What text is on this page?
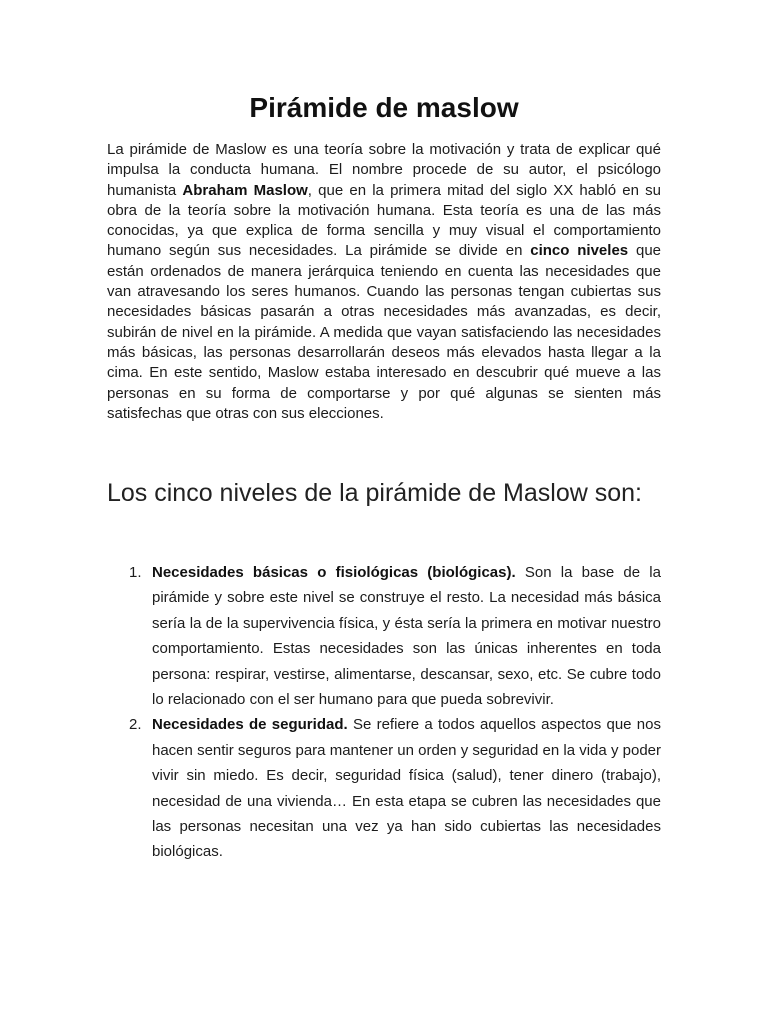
Pirámide de maslow

La pirámide de Maslow es una teoría sobre la motivación y trata de explicar qué impulsa la conducta humana. El nombre procede de su autor, el psicólogo humanista Abraham Maslow, que en la primera mitad del siglo XX habló en su obra de la teoría sobre la motivación humana. Esta teoría es una de las más conocidas, ya que explica de forma sencilla y muy visual el comportamiento humano según sus necesidades. La pirámide se divide en cinco niveles que están ordenados de manera jerárquica teniendo en cuenta las necesidades que van atravesando los seres humanos. Cuando las personas tengan cubiertas sus necesidades básicas pasarán a otras necesidades más avanzadas, es decir, subirán de nivel en la pirámide. A medida que vayan satisfaciendo las necesidades más básicas, las personas desarrollarán deseos más elevados hasta llegar a la cima. En este sentido, Maslow estaba interesado en descubrir qué mueve a las personas en su forma de comportarse y por qué algunas se sienten más satisfechas que otras con sus elecciones.

Los cinco niveles de la pirámide de Maslow son:
1. Necesidades básicas o fisiológicas (biológicas). Son la base de la pirámide y sobre este nivel se construye el resto. La necesidad más básica sería la de la supervivencia física, y ésta sería la primera en motivar nuestro comportamiento. Estas necesidades son las únicas inherentes en toda persona: respirar, vestirse, alimentarse, descansar, sexo, etc. Se cubre todo lo relacionado con el ser humano para que pueda sobrevivir.
2. Necesidades de seguridad. Se refiere a todos aquellos aspectos que nos hacen sentir seguros para mantener un orden y seguridad en la vida y poder vivir sin miedo. Es decir, seguridad física (salud), tener dinero (trabajo), necesidad de una vivienda… En esta etapa se cubren las necesidades que las personas necesitan una vez ya han sido cubiertas las necesidades biológicas.
